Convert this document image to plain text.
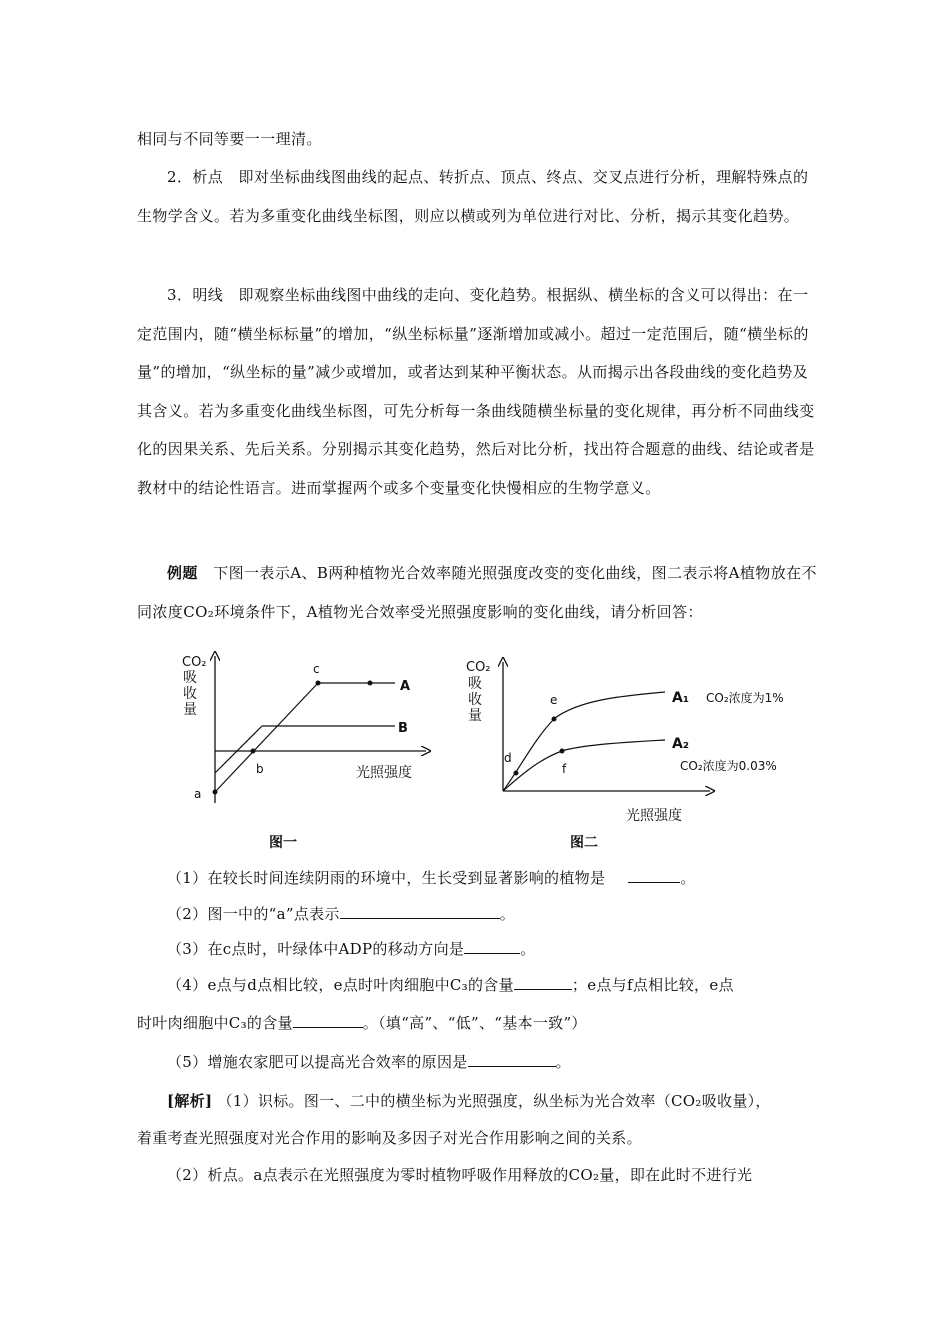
相同与不同等要一一理清。
2．析点　即对坐标曲线图曲线的起点、转折点、顶点、终点、交叉点进行分析，理解特殊点的生物学含义。若为多重变化曲线坐标图，则应以横或列为单位进行对比、分析，揭示其变化趋势。
3．明线　即观察坐标曲线图中曲线的走向、变化趋势。根据纵、横坐标的含义可以得出：在一定范围内，随“横坐标标量”的增加，“纵坐标标量”逐渐增加或减小。超过一定范围后，随“横坐标的量”的增加，“纵坐标的量”减少或增加，或者达到某种平衡状态。从而揭示出各段曲线的变化趋势及其含义。若为多重变化曲线坐标图，可先分析每一条曲线随横坐标量的变化规律，再分析不同曲线变化的因果关系、先后关系。分别揭示其变化趋势，然后对比分析，找出符合题意的曲线、结论或者是教材中的结论性语言。进而掌握两个或多个变量变化快慢相应的生物学意义。
例题　下图一表示A、B两种植物光合效率随光照强度改变的变化曲线，图二表示将A植物放在不同浓度CO₂环境条件下，A植物光合效率受光照强度影响的变化曲线，请分析回答：
CO₂
吸
收
量
a
b
c
A
B
光照强度
图一
CO₂
吸
收
量
d
e
f
A₁
A₂
CO₂浓度为1%
CO₂浓度为0.03%
光照强度
图二
（1）在较长时间连续阴雨的环境中，生长受到显著影响的植物是	。
（2）图一中的“a”点表示	。
（3）在c点时，叶绿体中ADP的移动方向是	。
（4）e点与d点相比较，e点时叶肉细胞中C₃的含量	；e点与f点相比较，e点
时叶肉细胞中C₃的含量	。（填“高”、“低”、“基本一致”）
（5）增施农家肥可以提高光合效率的原因是	。
[解析] （1）识标。图一、二中的横坐标为光照强度，纵坐标为光合效率（CO₂吸收量），
着重考查光照强度对光合作用的影响及多因子对光合作用影响之间的关系。
（2）析点。a点表示在光照强度为零时植物呼吸作用释放的CO₂量，即在此时不进行光
